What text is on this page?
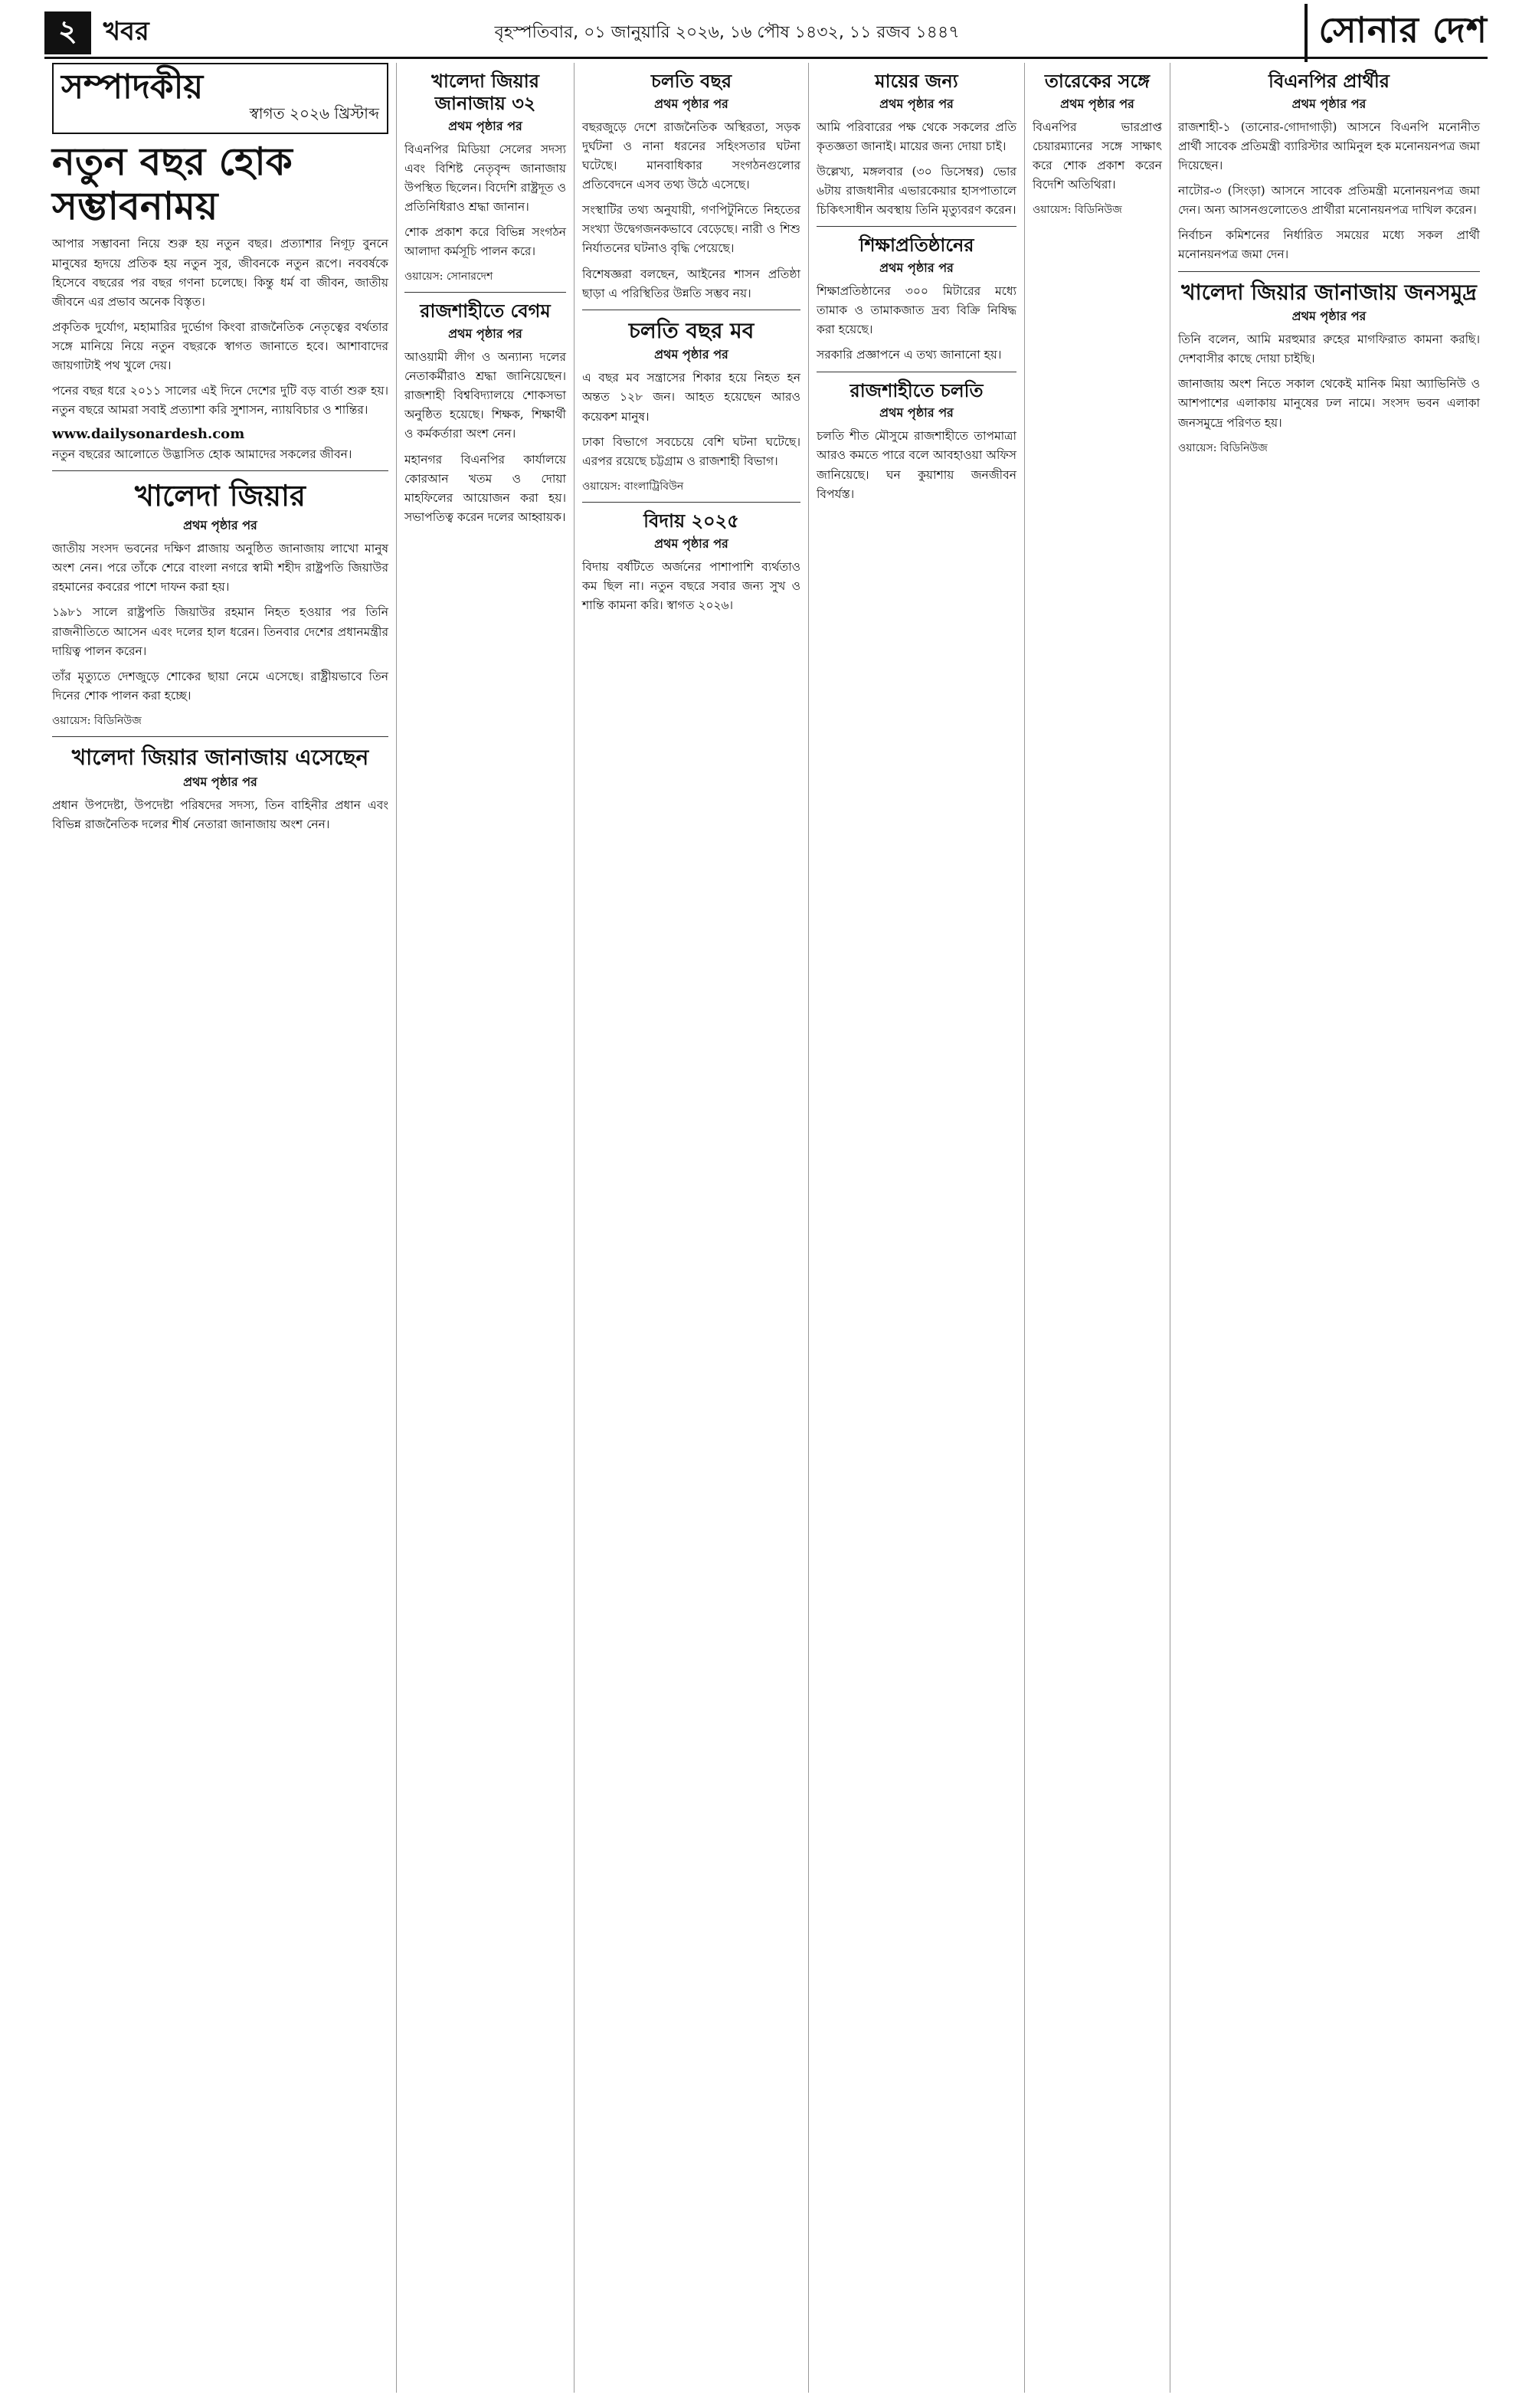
২	খবর	বৃহস্পতিবার, ০১ জানুয়ারি ২০২৬, ১৬ পৌষ ১৪৩২, ১১ রজব ১৪৪৭	সোনার দেশ
সম্পাদকীয়
স্বাগত ২০২৬ খ্রিস্টাব্দ
নতুন বছর হোক সম্ভাবনাময়

আপার সম্ভাবনা নিয়ে শুরু হয় নতুন বছর। প্রত্যাশার নিগূঢ় বুননে মানুষের হৃদয়ে প্রতিক হয় নতুন সুর, জীবনকে নতুন রূপে। নববর্ষকে হিসেবে বছরের পর বছর গণনা চলেছে। কিন্তু ধর্ম বা জীবন, জাতীয় জীবনে এর প্রভাব অনেক বিস্তৃত।

প্রকৃতিক দুর্যোগ, মহামারির দুর্ভোগ কিংবা রাজনৈতিক নেতৃত্বের বর্থতার সঙ্গে মানিয়ে নিয়ে নতুন বছরকে স্বাগত জানাতে হবে। আশাবাদের জায়গাটাই পথ খুলে দেয়।

পনের বছর ধরে ২০১১ সালের এই দিনে দেশের দুটি বড় বার্তা শুরু হয়। নতুন বছরে আমরা সবাই প্রত্যাশা করি সুশাসন, ন্যায়বিচার ও শান্তির।

www.dailysonardesh.com

নতুন বছরের আলোতে উদ্ভাসিত হোক আমাদের সকলের জীবন।

খালেদা জিয়ার
প্রথম পৃষ্ঠার পর

জাতীয় সংসদ ভবনের দক্ষিণ প্লাজায় অনুষ্ঠিত জানাজায় লাখো মানুষ অংশ নেন। পরে তাঁকে শেরে বাংলা নগরে স্বামী শহীদ রাষ্ট্রপতি জিয়াউর রহমানের কবরের পাশে দাফন করা হয়।

১৯৮১ সালে রাষ্ট্রপতি জিয়াউর রহমান নিহত হওয়ার পর তিনি রাজনীতিতে আসেন এবং দলের হাল ধরেন। তিনবার দেশের প্রধানমন্ত্রীর দায়িত্ব পালন করেন।

তাঁর মৃত্যুতে দেশজুড়ে শোকের ছায়া নেমে এসেছে। রাষ্ট্রীয়ভাবে তিন দিনের শোক পালন করা হচ্ছে।

ওয়ায়েস: বিডিনিউজ
খালেদা জিয়ার জানাজায় এসেছেন
প্রথম পৃষ্ঠার পর

প্রধান উপদেষ্টা, উপদেষ্টা পরিষদের সদস্য, তিন বাহিনীর প্রধান এবং বিভিন্ন রাজনৈতিক দলের শীর্ষ নেতারা জানাজায় অংশ নেন।

খালেদা জিয়ার জানাজায় ৩২
প্রথম পৃষ্ঠার পর

বিএনপির মিডিয়া সেলের সদস্য এবং বিশিষ্ট নেতৃবৃন্দ জানাজায় উপস্থিত ছিলেন। বিদেশি রাষ্ট্রদূত ও প্রতিনিধিরাও শ্রদ্ধা জানান।

শোক প্রকাশ করে বিভিন্ন সংগঠন আলাদা কর্মসূচি পালন করে।

ওয়ায়েস: সোনারদেশ
রাজশাহীতে বেগম
প্রথম পৃষ্ঠার পর

আওয়ামী লীগ ও অন্যান্য দলের নেতাকর্মীরাও শ্রদ্ধা জানিয়েছেন। রাজশাহী বিশ্ববিদ্যালয়ে শোকসভা অনুষ্ঠিত হয়েছে। শিক্ষক, শিক্ষার্থী ও কর্মকর্তারা অংশ নেন।

মহানগর বিএনপির কার্যালয়ে কোরআন খতম ও দোয়া মাহফিলের আয়োজন করা হয়। সভাপতিত্ব করেন দলের আহ্বায়ক।

চলতি বছর
প্রথম পৃষ্ঠার পর

বছরজুড়ে দেশে রাজনৈতিক অস্থিরতা, সড়ক দুর্ঘটনা ও নানা ধরনের সহিংসতার ঘটনা ঘটেছে। মানবাধিকার সংগঠনগুলোর প্রতিবেদনে এসব তথ্য উঠে এসেছে।

সংস্থাটির তথ্য অনুযায়ী, গণপিটুনিতে নিহতের সংখ্যা উদ্বেগজনকভাবে বেড়েছে। নারী ও শিশু নির্যাতনের ঘটনাও বৃদ্ধি পেয়েছে।

বিশেষজ্ঞরা বলছেন, আইনের শাসন প্রতিষ্ঠা ছাড়া এ পরিস্থিতির উন্নতি সম্ভব নয়।

চলতি বছর মব
প্রথম পৃষ্ঠার পর

এ বছর মব সন্ত্রাসের শিকার হয়ে নিহত হন অন্তত ১২৮ জন। আহত হয়েছেন আরও কয়েকশ মানুষ।

ঢাকা বিভাগে সবচেয়ে বেশি ঘটনা ঘটেছে। এরপর রয়েছে চট্টগ্রাম ও রাজশাহী বিভাগ।

ওয়ায়েস: বাংলাট্রিবিউন
বিদায় ২০২৫
প্রথম পৃষ্ঠার পর

বিদায় বর্ষটিতে অর্জনের পাশাপাশি ব্যর্থতাও কম ছিল না। নতুন বছরে সবার জন্য সুখ ও শান্তি কামনা করি। স্বাগত ২০২৬।

মায়ের জন্য
প্রথম পৃষ্ঠার পর

আমি পরিবারের পক্ষ থেকে সকলের প্রতি কৃতজ্ঞতা জানাই। মায়ের জন্য দোয়া চাই।

উল্লেখ্য, মঙ্গলবার (৩০ ডিসেম্বর) ভোর ৬টায় রাজধানীর এভারকেয়ার হাসপাতালে চিকিৎসাধীন অবস্থায় তিনি মৃত্যুবরণ করেন।

শিক্ষাপ্রতিষ্ঠানের
প্রথম পৃষ্ঠার পর

শিক্ষাপ্রতিষ্ঠানের ৩০০ মিটারের মধ্যে তামাক ও তামাকজাত দ্রব্য বিক্রি নিষিদ্ধ করা হয়েছে।

সরকারি প্রজ্ঞাপনে এ তথ্য জানানো হয়।

রাজশাহীতে চলতি
প্রথম পৃষ্ঠার পর

চলতি শীত মৌসুমে রাজশাহীতে তাপমাত্রা আরও কমতে পারে বলে আবহাওয়া অফিস জানিয়েছে। ঘন কুয়াশায় জনজীবন বিপর্যস্ত।

তারেকের সঙ্গে
প্রথম পৃষ্ঠার পর

বিএনপির ভারপ্রাপ্ত চেয়ারম্যানের সঙ্গে সাক্ষাৎ করে শোক প্রকাশ করেন বিদেশি অতিথিরা।

ওয়ায়েস: বিডিনিউজ
বিএনপির প্রার্থীর
প্রথম পৃষ্ঠার পর

রাজশাহী-১ (তানোর-গোদাগাড়ী) আসনে বিএনপি মনোনীত প্রার্থী সাবেক প্রতিমন্ত্রী ব্যারিস্টার আমিনুল হক মনোনয়নপত্র জমা দিয়েছেন।

নাটোর-৩ (সিংড়া) আসনে সাবেক প্রতিমন্ত্রী মনোনয়নপত্র জমা দেন। অন্য আসনগুলোতেও প্রার্থীরা মনোনয়নপত্র দাখিল করেন।

নির্বাচন কমিশনের নির্ধারিত সময়ের মধ্যে সকল প্রার্থী মনোনয়নপত্র জমা দেন।

খালেদা জিয়ার জানাজায় জনসমুদ্র
প্রথম পৃষ্ঠার পর

তিনি বলেন, আমি মরহুমার রুহের মাগফিরাত কামনা করছি। দেশবাসীর কাছে দোয়া চাইছি।

জানাজায় অংশ নিতে সকাল থেকেই মানিক মিয়া অ্যাভিনিউ ও আশপাশের এলাকায় মানুষের ঢল নামে। সংসদ ভবন এলাকা জনসমুদ্রে পরিণত হয়।

ওয়ায়েস: বিডিনিউজ
